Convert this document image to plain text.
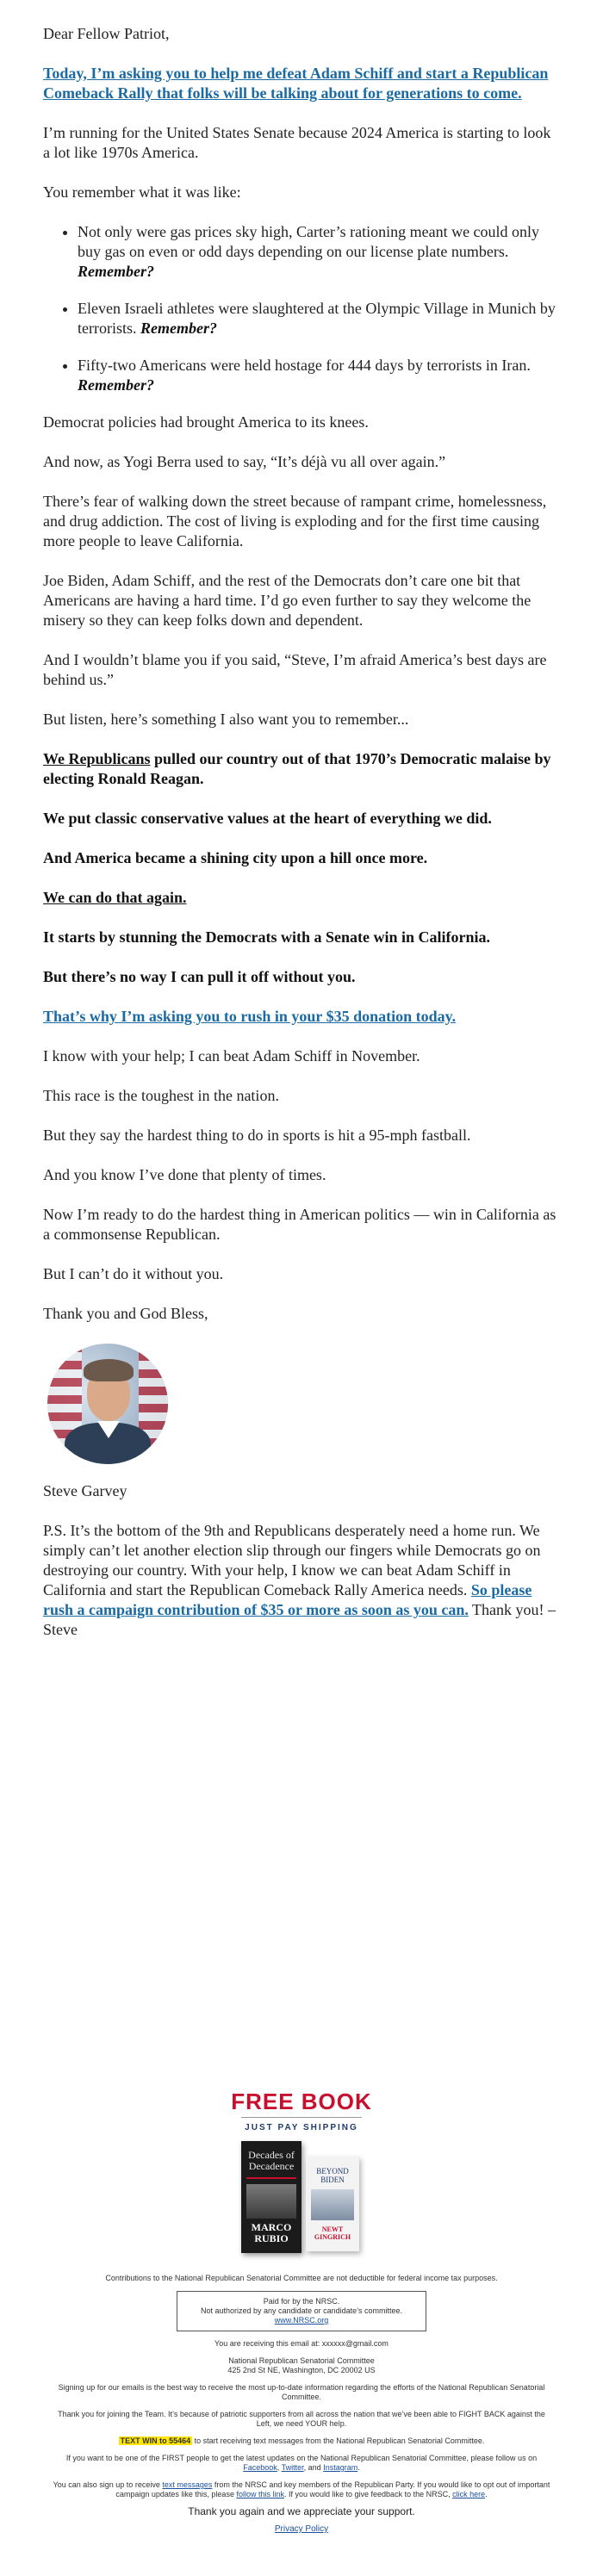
Dear Fellow Patriot,

Today, I’m asking you to help me defeat Adam Schiff and start a Republican Comeback Rally that folks will be talking about for generations to come.

I’m running for the United States Senate because 2024 America is starting to look a lot like 1970s America.

You remember what it was like:

• Not only were gas prices sky high, Carter’s rationing meant we could only buy gas on even or odd days depending on our license plate numbers. Remember?
• Eleven Israeli athletes were slaughtered at the Olympic Village in Munich by terrorists. Remember?
• Fifty-two Americans were held hostage for 444 days by terrorists in Iran. Remember?

Democrat policies had brought America to its knees.

And now, as Yogi Berra used to say, “It’s déjà vu all over again.”

There’s fear of walking down the street because of rampant crime, homelessness, and drug addiction. The cost of living is exploding and for the first time causing more people to leave California.

Joe Biden, Adam Schiff, and the rest of the Democrats don’t care one bit that Americans are having a hard time. I’d go even further to say they welcome the misery so they can keep folks down and dependent.

And I wouldn’t blame you if you said, “Steve, I’m afraid America’s best days are behind us.”

But listen, here’s something I also want you to remember...

We Republicans pulled our country out of that 1970’s Democratic malaise by electing Ronald Reagan.

We put classic conservative values at the heart of everything we did.

And America became a shining city upon a hill once more.

We can do that again.

It starts by stunning the Democrats with a Senate win in California.

But there’s no way I can pull it off without you.

That’s why I’m asking you to rush in your $35 donation today.

I know with your help; I can beat Adam Schiff in November.

This race is the toughest in the nation.

But they say the hardest thing to do in sports is hit a 95-mph fastball.

And you know I’ve done that plenty of times.

Now I’m ready to do the hardest thing in American politics — win in California as a commonsense Republican.

But I can’t do it without you.

Thank you and God Bless,

Steve Garvey

P.S. It’s the bottom of the 9th and Republicans desperately need a home run. We simply can’t let another election slip through our fingers while Democrats go on destroying our country. With your help, I know we can beat Adam Schiff in California and start the Republican Comeback Rally America needs. So please rush a campaign contribution of $35 or more as soon as you can. Thank you! – Steve

FREE BOOK
JUST PAY SHIPPING
Decades of Decadence
MARCO RUBIO
BEYOND BIDEN
NEWT GINGRICH

Contributions to the National Republican Senatorial Committee are not deductible for federal income tax purposes.

Paid for by the NRSC.
Not authorized by any candidate or candidate’s committee.
www.NRSC.org

You are receiving this email at: xxxxxx@gmail.com

National Republican Senatorial Committee
425 2nd St NE, Washington, DC 20002 US

Signing up for our emails is the best way to receive the most up-to-date information regarding the efforts of the National Republican Senatorial Committee.

Thank you for joining the Team. It’s because of patriotic supporters from all across the nation that we’ve been able to FIGHT BACK against the Left, we need YOUR help.

TEXT WIN to 55464 to start receiving text messages from the National Republican Senatorial Committee.

If you want to be one of the FIRST people to get the latest updates on the National Republican Senatorial Committee, please follow us on Facebook, Twitter, and Instagram.

You can also sign up to receive text messages from the NRSC and key members of the Republican Party. If you would like to opt out of important campaign updates like this, please follow this link. If you would like to give feedback to the NRSC, click here.

Thank you again and we appreciate your support.

Privacy Policy
